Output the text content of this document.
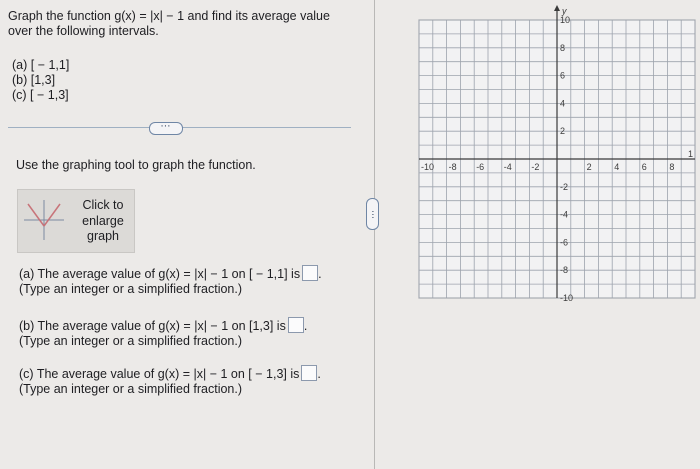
Graph the function g(x) = |x| − 1 and find its average value
over the following intervals.
(a) [ − 1,1]
(b) [1,3]
(c) [ − 1,3]
⋯
Use the graphing tool to graph the function.
Click to
enlarge
graph
(a) The average value of g(x) = |x| − 1 on [ − 1,1] is .
(Type an integer or a simplified fraction.)
(b) The average value of g(x) = |x| − 1 on [1,3] is .
(Type an integer or a simplified fraction.)
(c) The average value of g(x) = |x| − 1 on [ − 1,3] is .
(Type an integer or a simplified fraction.)
⋯
y
-10 -8 -6 -4 -2	2	4	6	8
1
10
8
6
4
2
-2
-4
-6
-8
-10
